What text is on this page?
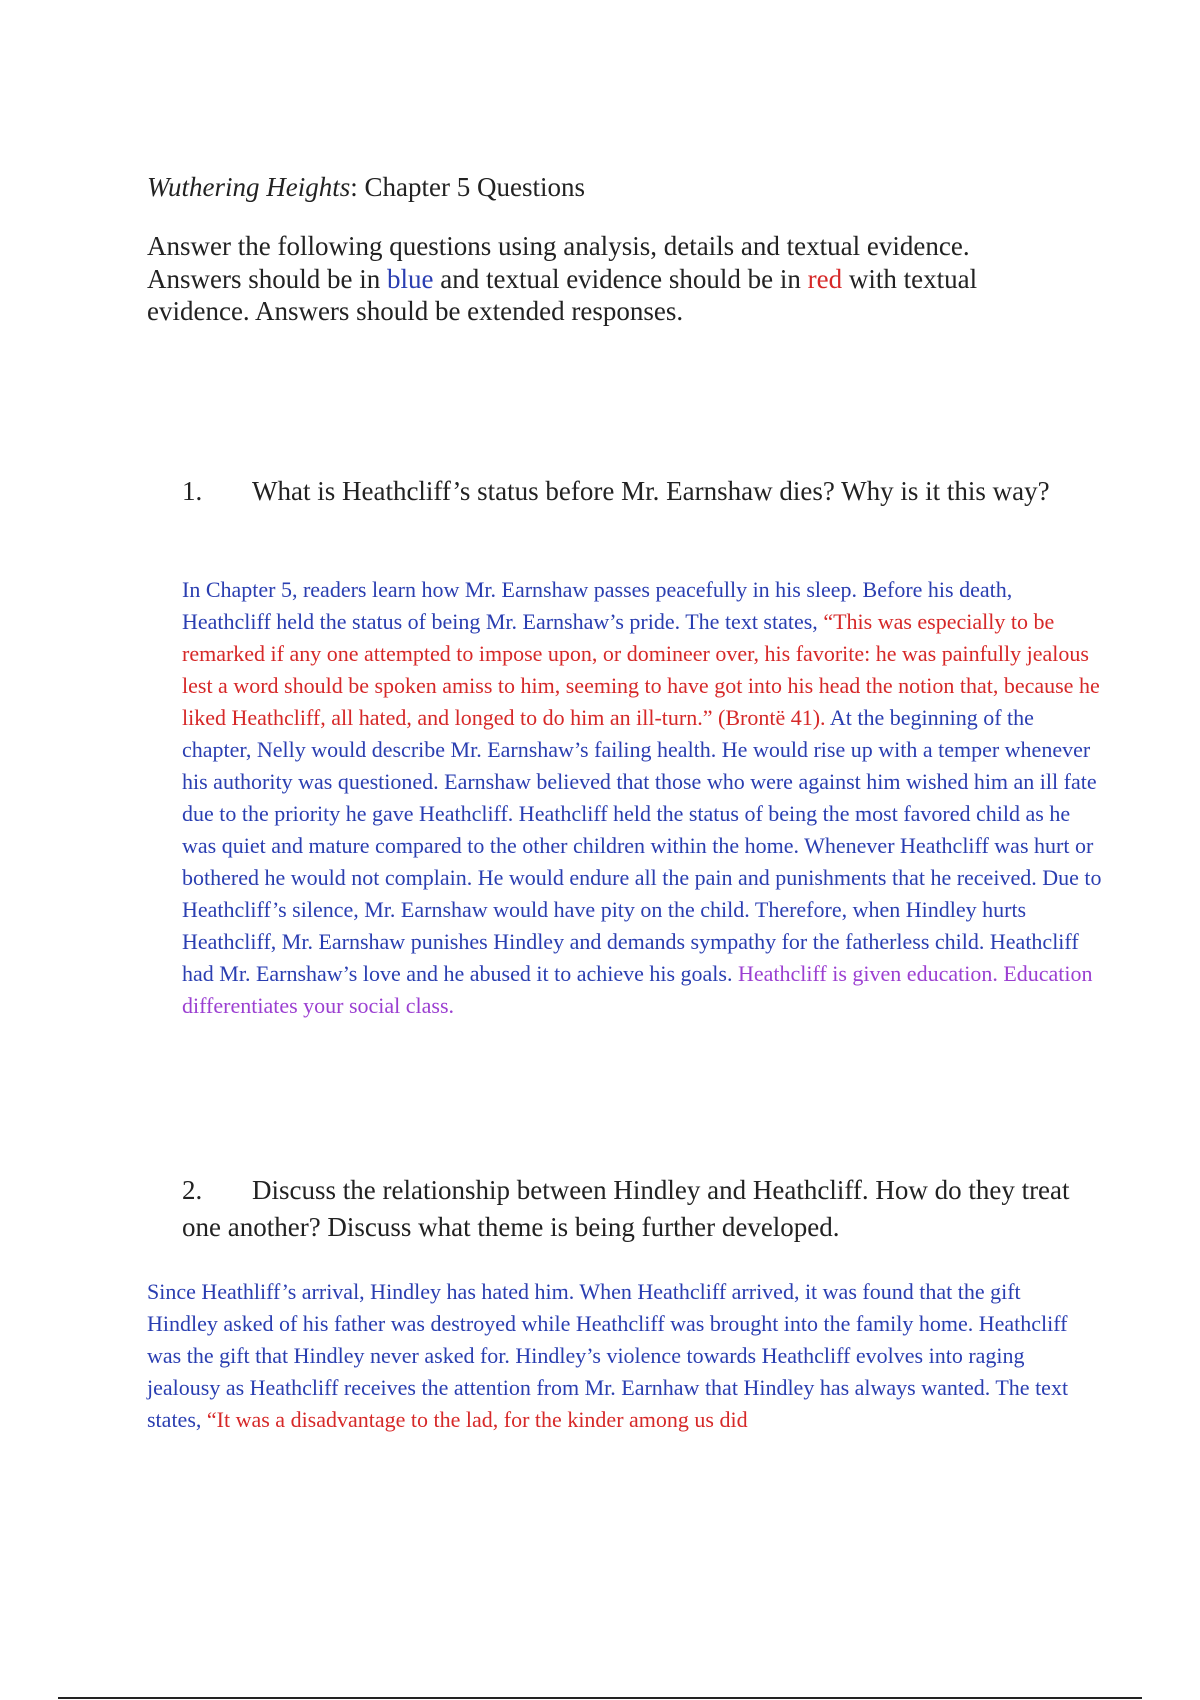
Wuthering Heights: Chapter 5 Questions
Answer the following questions using analysis, details and textual evidence. Answers should be in blue and textual evidence should be in red with textual evidence. Answers should be extended responses.
1. What is Heathcliff’s status before Mr. Earnshaw dies? Why is it this way?
In Chapter 5, readers learn how Mr. Earnshaw passes peacefully in his sleep. Before his death, Heathcliff held the status of being Mr. Earnshaw’s pride. The text states, “This was especially to be remarked if any one attempted to impose upon, or domineer over, his favorite: he was painfully jealous lest a word should be spoken amiss to him, seeming to have got into his head the notion that, because he liked Heathcliff, all hated, and longed to do him an ill-turn.” (Brontë 41). At the beginning of the chapter, Nelly would describe Mr. Earnshaw’s failing health. He would rise up with a temper whenever his authority was questioned. Earnshaw believed that those who were against him wished him an ill fate due to the priority he gave Heathcliff. Heathcliff held the status of being the most favored child as he was quiet and mature compared to the other children within the home. Whenever Heathcliff was hurt or bothered he would not complain. He would endure all the pain and punishments that he received. Due to Heathcliff’s silence, Mr. Earnshaw would have pity on the child. Therefore, when Hindley hurts Heathcliff, Mr. Earnshaw punishes Hindley and demands sympathy for the fatherless child. Heathcliff had Mr. Earnshaw’s love and he abused it to achieve his goals. Heathcliff is given education. Education differentiates your social class.
2. Discuss the relationship between Hindley and Heathcliff. How do they treat one another? Discuss what theme is being further developed.
Since Heathliff’s arrival, Hindley has hated him. When Heathcliff arrived, it was found that the gift Hindley asked of his father was destroyed while Heathcliff was brought into the family home. Heathcliff was the gift that Hindley never asked for. Hindley’s violence towards Heathcliff evolves into raging jealousy as Heathcliff receives the attention from Mr. Earnhaw that Hindley has always wanted. The text states, “It was a disadvantage to the lad, for the kinder among us did
